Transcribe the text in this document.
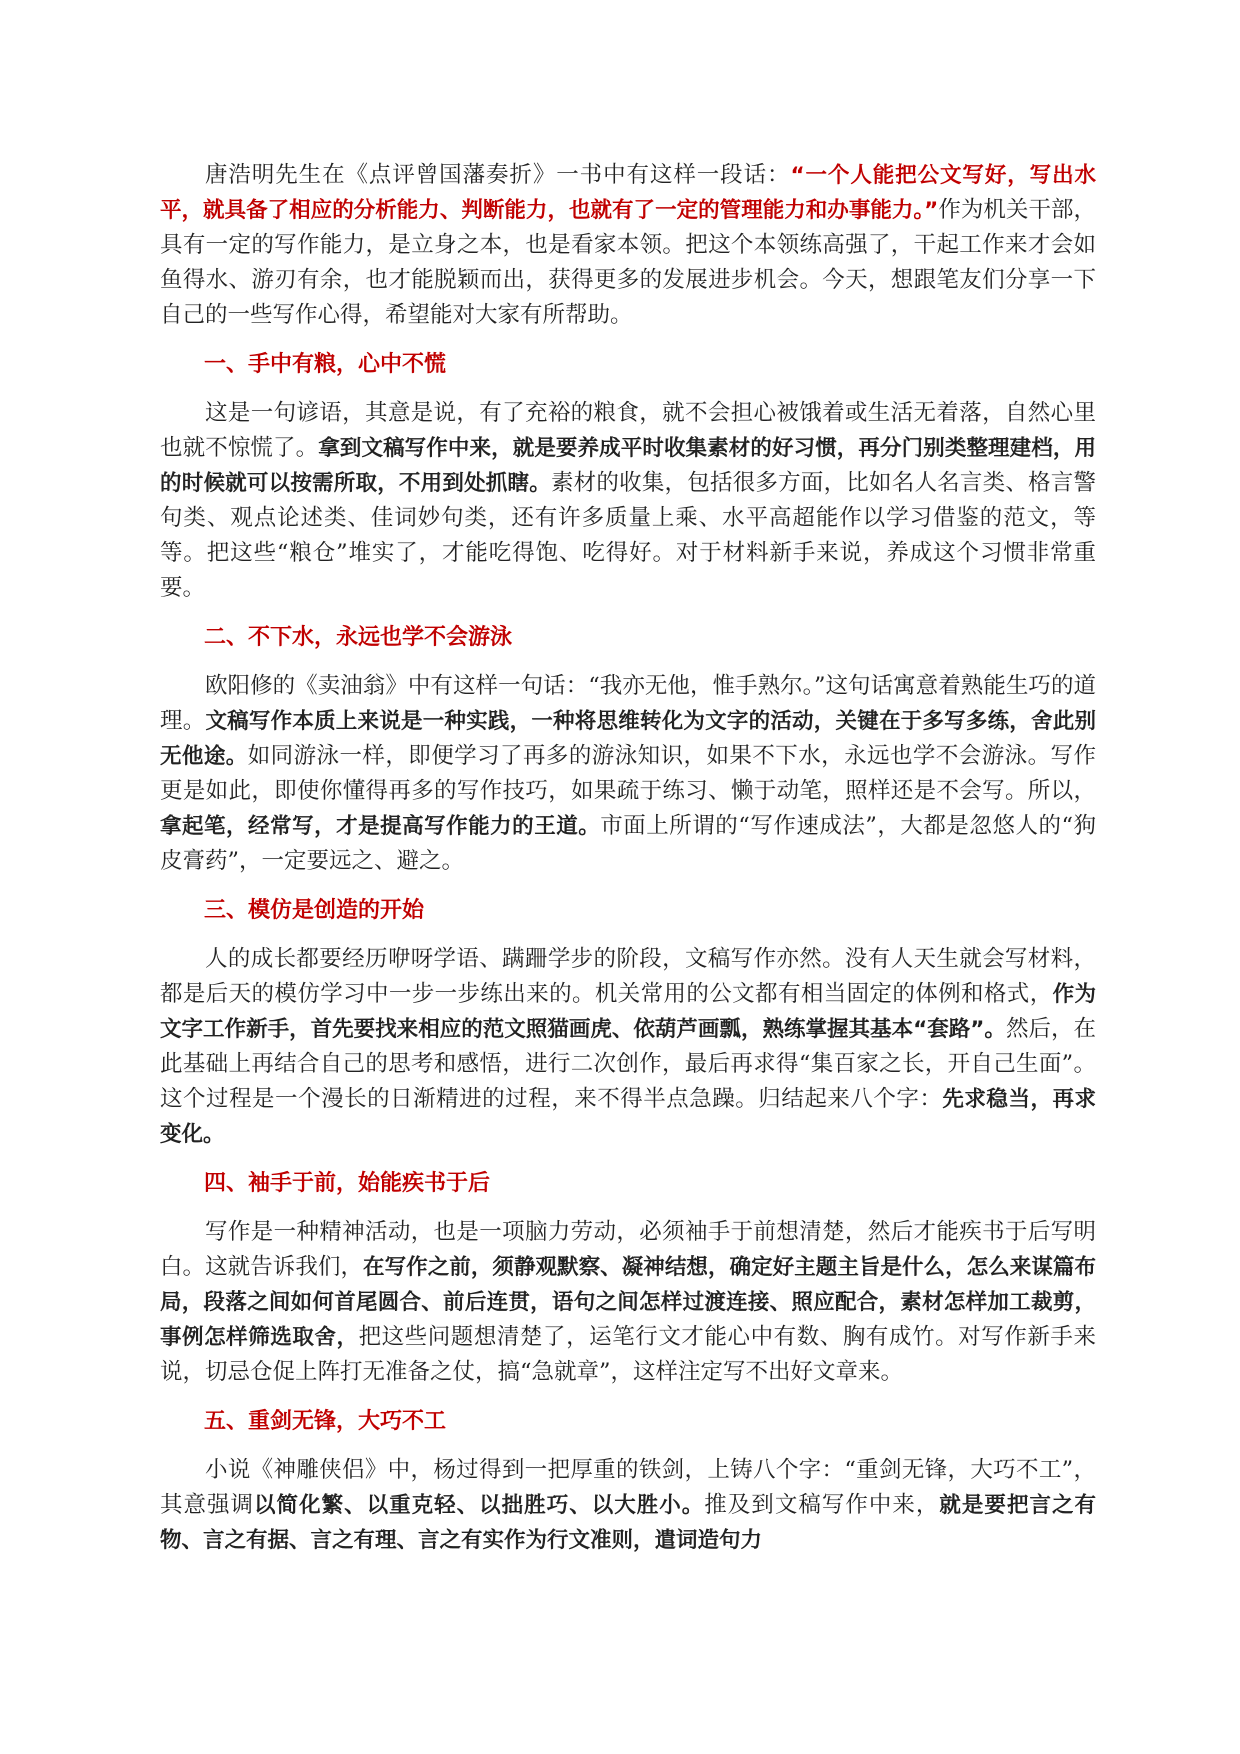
唐浩明先生在《点评曾国藩奏折》一书中有这样一段话：“一个人能把公文写好，写出水平，就具备了相应的分析能力、判断能力，也就有了一定的管理能力和办事能力。”作为机关干部，具有一定的写作能力，是立身之本，也是看家本领。把这个本领练高强了，干起工作来才会如鱼得水、游刃有余，也才能脱颖而出，获得更多的发展进步机会。今天，想跟笔友们分享一下自己的一些写作心得，希望能对大家有所帮助。

一、手中有粮，心中不慌

这是一句谚语，其意是说，有了充裕的粮食，就不会担心被饿着或生活无着落，自然心里也就不惊慌了。拿到文稿写作中来，就是要养成平时收集素材的好习惯，再分门别类整理建档，用的时候就可以按需所取，不用到处抓瞎。素材的收集，包括很多方面，比如名人名言类、格言警句类、观点论述类、佳词妙句类，还有许多质量上乘、水平高超能作以学习借鉴的范文，等等。把这些“粮仓”堆实了，才能吃得饱、吃得好。对于材料新手来说，养成这个习惯非常重要。

二、不下水，永远也学不会游泳

欧阳修的《卖油翁》中有这样一句话：“我亦无他，惟手熟尔。”这句话寓意着熟能生巧的道理。文稿写作本质上来说是一种实践，一种将思维转化为文字的活动，关键在于多写多练，舍此别无他途。如同游泳一样，即便学习了再多的游泳知识，如果不下水，永远也学不会游泳。写作更是如此，即使你懂得再多的写作技巧，如果疏于练习、懒于动笔，照样还是不会写。所以，拿起笔，经常写，才是提高写作能力的王道。市面上所谓的“写作速成法”，大都是忽悠人的“狗皮膏药”，一定要远之、避之。

三、模仿是创造的开始

人的成长都要经历咿呀学语、蹒跚学步的阶段，文稿写作亦然。没有人天生就会写材料，都是后天的模仿学习中一步一步练出来的。机关常用的公文都有相当固定的体例和格式，作为文字工作新手，首先要找来相应的范文照猫画虎、依葫芦画瓢，熟练掌握其基本“套路”。然后，在此基础上再结合自己的思考和感悟，进行二次创作，最后再求得“集百家之长，开自己生面”。这个过程是一个漫长的日渐精进的过程，来不得半点急躁。归结起来八个字：先求稳当，再求变化。

四、袖手于前，始能疾书于后

写作是一种精神活动，也是一项脑力劳动，必须袖手于前想清楚，然后才能疾书于后写明白。这就告诉我们，在写作之前，须静观默察、凝神结想，确定好主题主旨是什么，怎么来谋篇布局，段落之间如何首尾圆合、前后连贯，语句之间怎样过渡连接、照应配合，素材怎样加工裁剪，事例怎样筛选取舍，把这些问题想清楚了，运笔行文才能心中有数、胸有成竹。对写作新手来说，切忌仓促上阵打无准备之仗，搞“急就章”，这样注定写不出好文章来。

五、重剑无锋，大巧不工

小说《神雕侠侣》中，杨过得到一把厚重的铁剑，上铸八个字：“重剑无锋，大巧不工”，其意强调以简化繁、以重克轻、以拙胜巧、以大胜小。推及到文稿写作中来，就是要把言之有物、言之有据、言之有理、言之有实作为行文准则，遣词造句力
